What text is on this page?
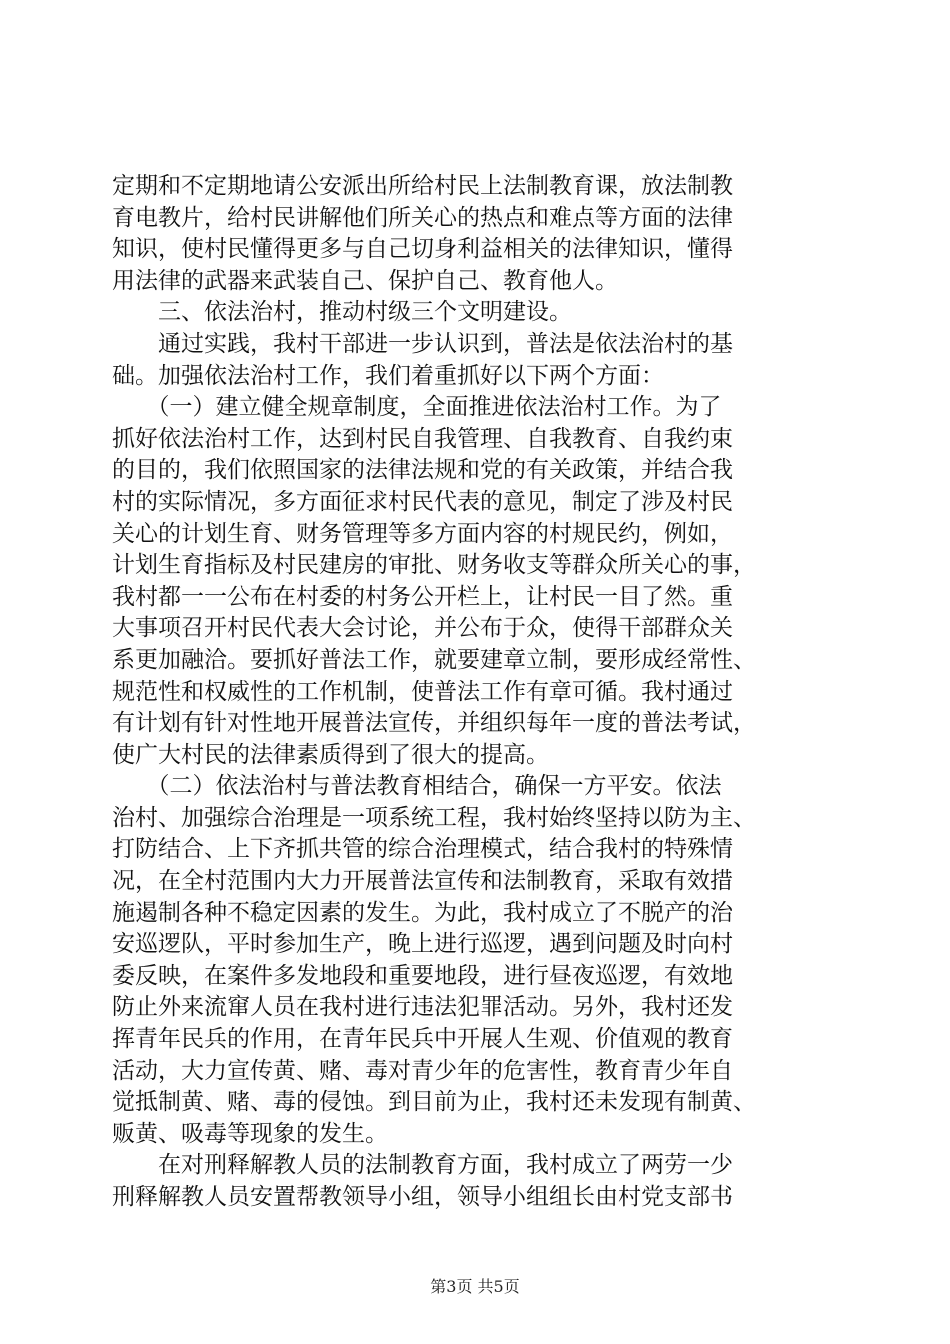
定期和不定期地请公安派出所给村民上法制教育课，放法制教
育电教片，给村民讲解他们所关心的热点和难点等方面的法律
知识，使村民懂得更多与自己切身利益相关的法律知识，懂得
用法律的武器来武装自己、保护自己、教育他人。
　　三、依法治村，推动村级三个文明建设。
　　通过实践，我村干部进一步认识到，普法是依法治村的基
础。加强依法治村工作，我们着重抓好以下两个方面：
　　（一）建立健全规章制度，全面推进依法治村工作。为了
抓好依法治村工作，达到村民自我管理、自我教育、自我约束
的目的，我们依照国家的法律法规和党的有关政策，并结合我
村的实际情况，多方面征求村民代表的意见，制定了涉及村民
关心的计划生育、财务管理等多方面内容的村规民约，例如，
计划生育指标及村民建房的审批、财务收支等群众所关心的事，
我村都一一公布在村委的村务公开栏上，让村民一目了然。重
大事项召开村民代表大会讨论，并公布于众，使得干部群众关
系更加融洽。要抓好普法工作，就要建章立制，要形成经常性、
规范性和权威性的工作机制，使普法工作有章可循。我村通过
有计划有针对性地开展普法宣传，并组织每年一度的普法考试，
使广大村民的法律素质得到了很大的提高。
　　（二）依法治村与普法教育相结合，确保一方平安。依法
治村、加强综合治理是一项系统工程，我村始终坚持以防为主、
打防结合、上下齐抓共管的综合治理模式，结合我村的特殊情
况，在全村范围内大力开展普法宣传和法制教育，采取有效措
施遏制各种不稳定因素的发生。为此，我村成立了不脱产的治
安巡逻队，平时参加生产，晚上进行巡逻，遇到问题及时向村
委反映，在案件多发地段和重要地段，进行昼夜巡逻，有效地
防止外来流窜人员在我村进行违法犯罪活动。另外，我村还发
挥青年民兵的作用，在青年民兵中开展人生观、价值观的教育
活动，大力宣传黄、赌、毒对青少年的危害性，教育青少年自
觉抵制黄、赌、毒的侵蚀。到目前为止，我村还未发现有制黄、
贩黄、吸毒等现象的发生。
　　在对刑释解教人员的法制教育方面，我村成立了两劳一少
刑释解教人员安置帮教领导小组，领导小组组长由村党支部书
第3页 共5页
